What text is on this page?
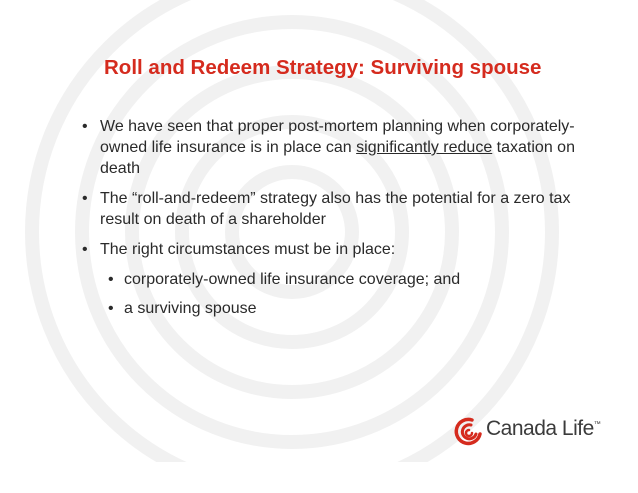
Roll and Redeem Strategy: Surviving spouse
• We have seen that proper post-mortem planning when corporately-owned life insurance is in place can significantly reduce taxation on death
• The “roll-and-redeem” strategy also has the potential for a zero tax result on death of a shareholder
• The right circumstances must be in place:
• corporately-owned life insurance coverage; and
• a surviving spouse
Canada Life™
